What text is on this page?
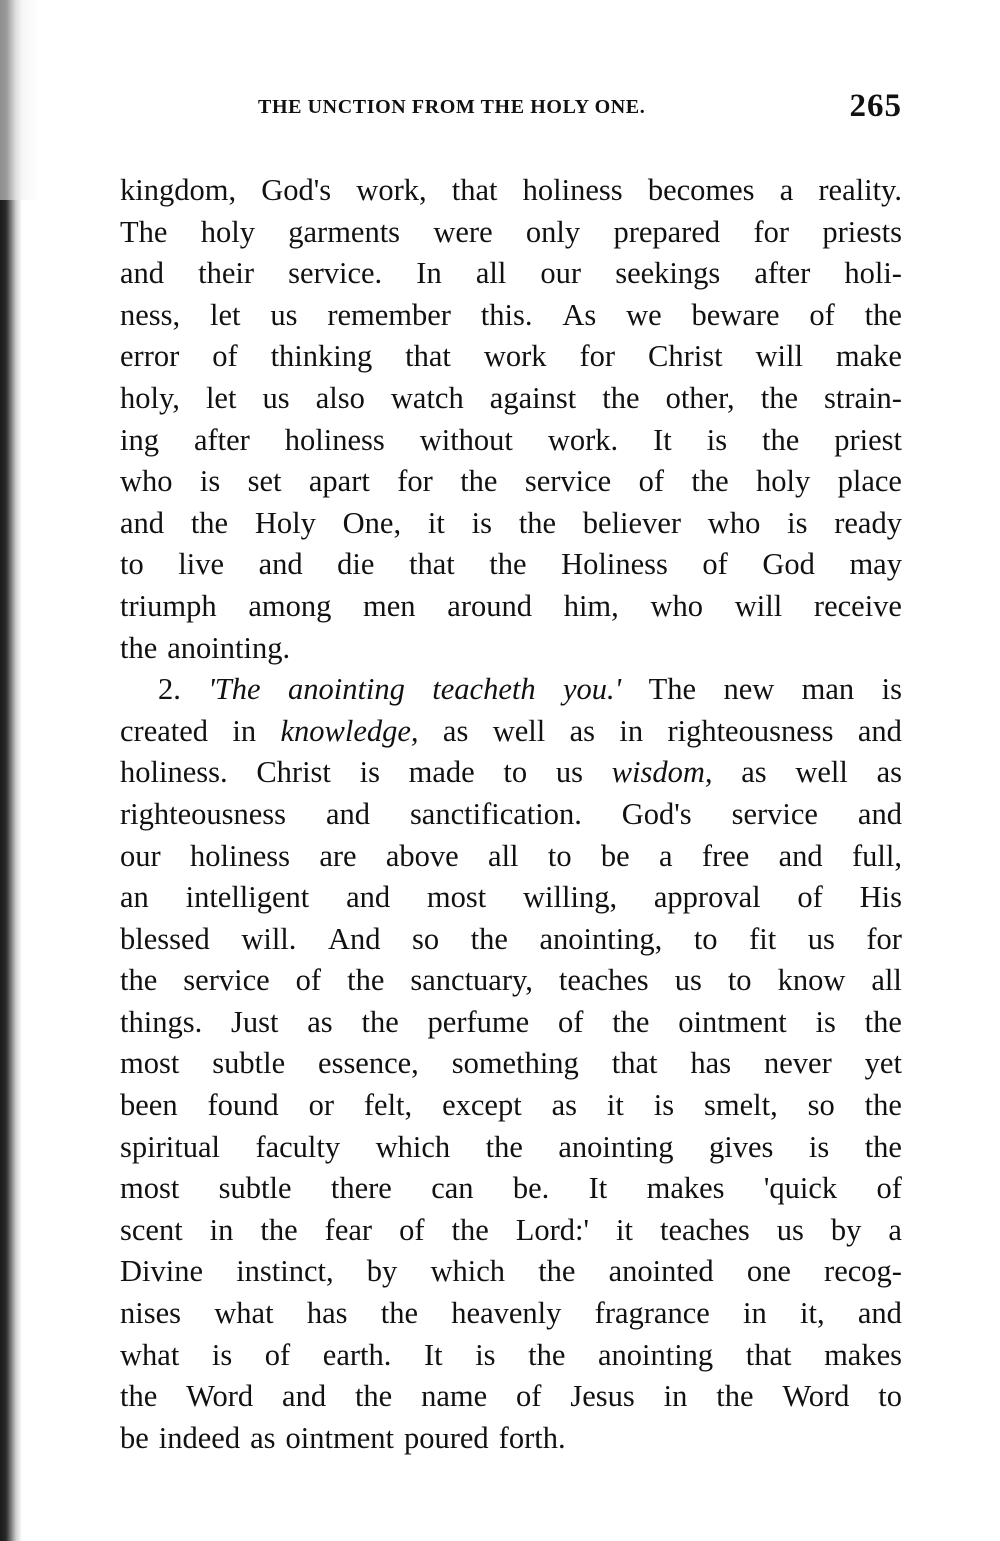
THE UNCTION FROM THE HOLY ONE.	265
kingdom, God's work, that holiness becomes a reality.
The holy garments were only prepared for priests
and their service. In all our seekings after holi-
ness, let us remember this. As we beware of the
error of thinking that work for Christ will make
holy, let us also watch against the other, the strain-
ing after holiness without work. It is the priest
who is set apart for the service of the holy place
and the Holy One, it is the believer who is ready
to live and die that the Holiness of God may
triumph among men around him, who will receive
the anointing.
2. 'The anointing teacheth you.' The new man is
created in knowledge, as well as in righteousness and
holiness. Christ is made to us wisdom, as well as
righteousness and sanctification. God's service and
our holiness are above all to be a free and full,
an intelligent and most willing, approval of His
blessed will. And so the anointing, to fit us for
the service of the sanctuary, teaches us to know all
things. Just as the perfume of the ointment is the
most subtle essence, something that has never yet
been found or felt, except as it is smelt, so the
spiritual faculty which the anointing gives is the
most subtle there can be. It makes 'quick of
scent in the fear of the Lord:' it teaches us by a
Divine instinct, by which the anointed one recog-
nises what has the heavenly fragrance in it, and
what is of earth. It is the anointing that makes
the Word and the name of Jesus in the Word to
be indeed as ointment poured forth.
